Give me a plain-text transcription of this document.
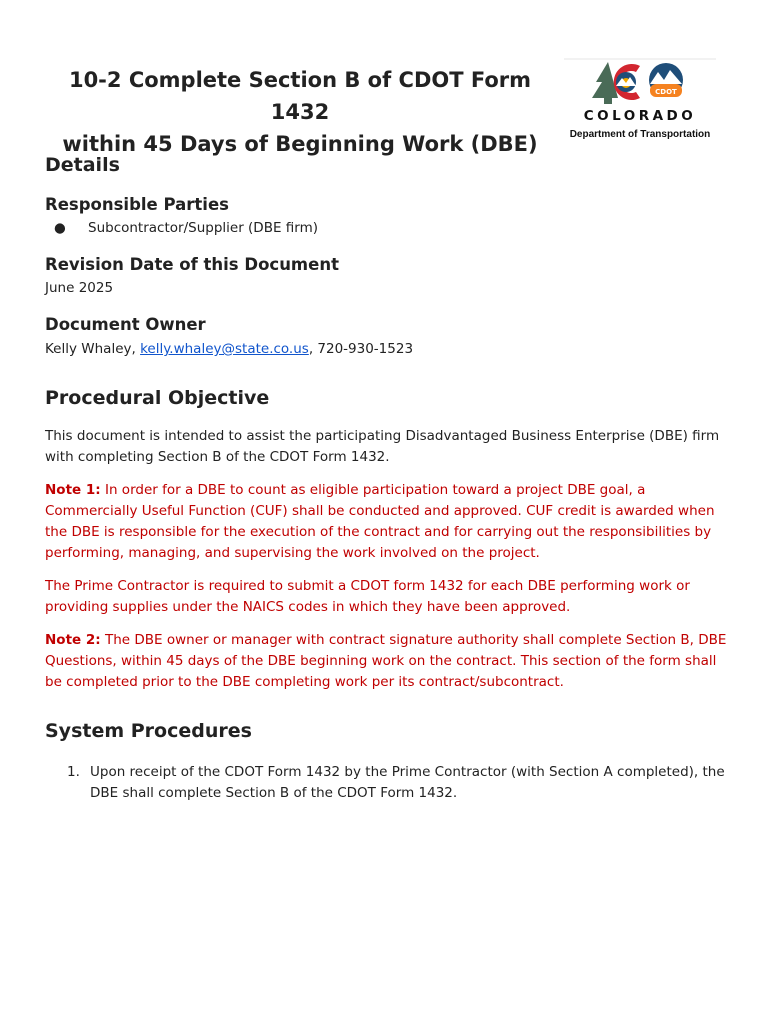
10-2 Complete Section B of CDOT Form 1432
within 45 Days of Beginning Work (DBE)
CDOT
COLORADO
Department of Transportation
Details
Responsible Parties
● Subcontractor/Supplier (DBE firm)
Revision Date of this Document

June 2025

Document Owner

Kelly Whaley, kelly.whaley@state.co.us, 720-930-1523

Procedural Objective

This document is intended to assist the participating Disadvantaged Business Enterprise (DBE) firm with completing Section B of the CDOT Form 1432.

Note 1: In order for a DBE to count as eligible participation toward a project DBE goal, a Commercially Useful Function (CUF) shall be conducted and approved. CUF credit is awarded when the DBE is responsible for the execution of the contract and for carrying out the responsibilities by performing, managing, and supervising the work involved on the project.

The Prime Contractor is required to submit a CDOT form 1432 for each DBE performing work or providing supplies under the NAICS codes in which they have been approved.

Note 2: The DBE owner or manager with contract signature authority shall complete Section B, DBE Questions, within 45 days of the DBE beginning work on the contract. This section of the form shall be completed prior to the DBE completing work per its contract/subcontract.

System Procedures
1. Upon receipt of the CDOT Form 1432 by the Prime Contractor (with Section A completed), the DBE shall complete Section B of the CDOT Form 1432.
